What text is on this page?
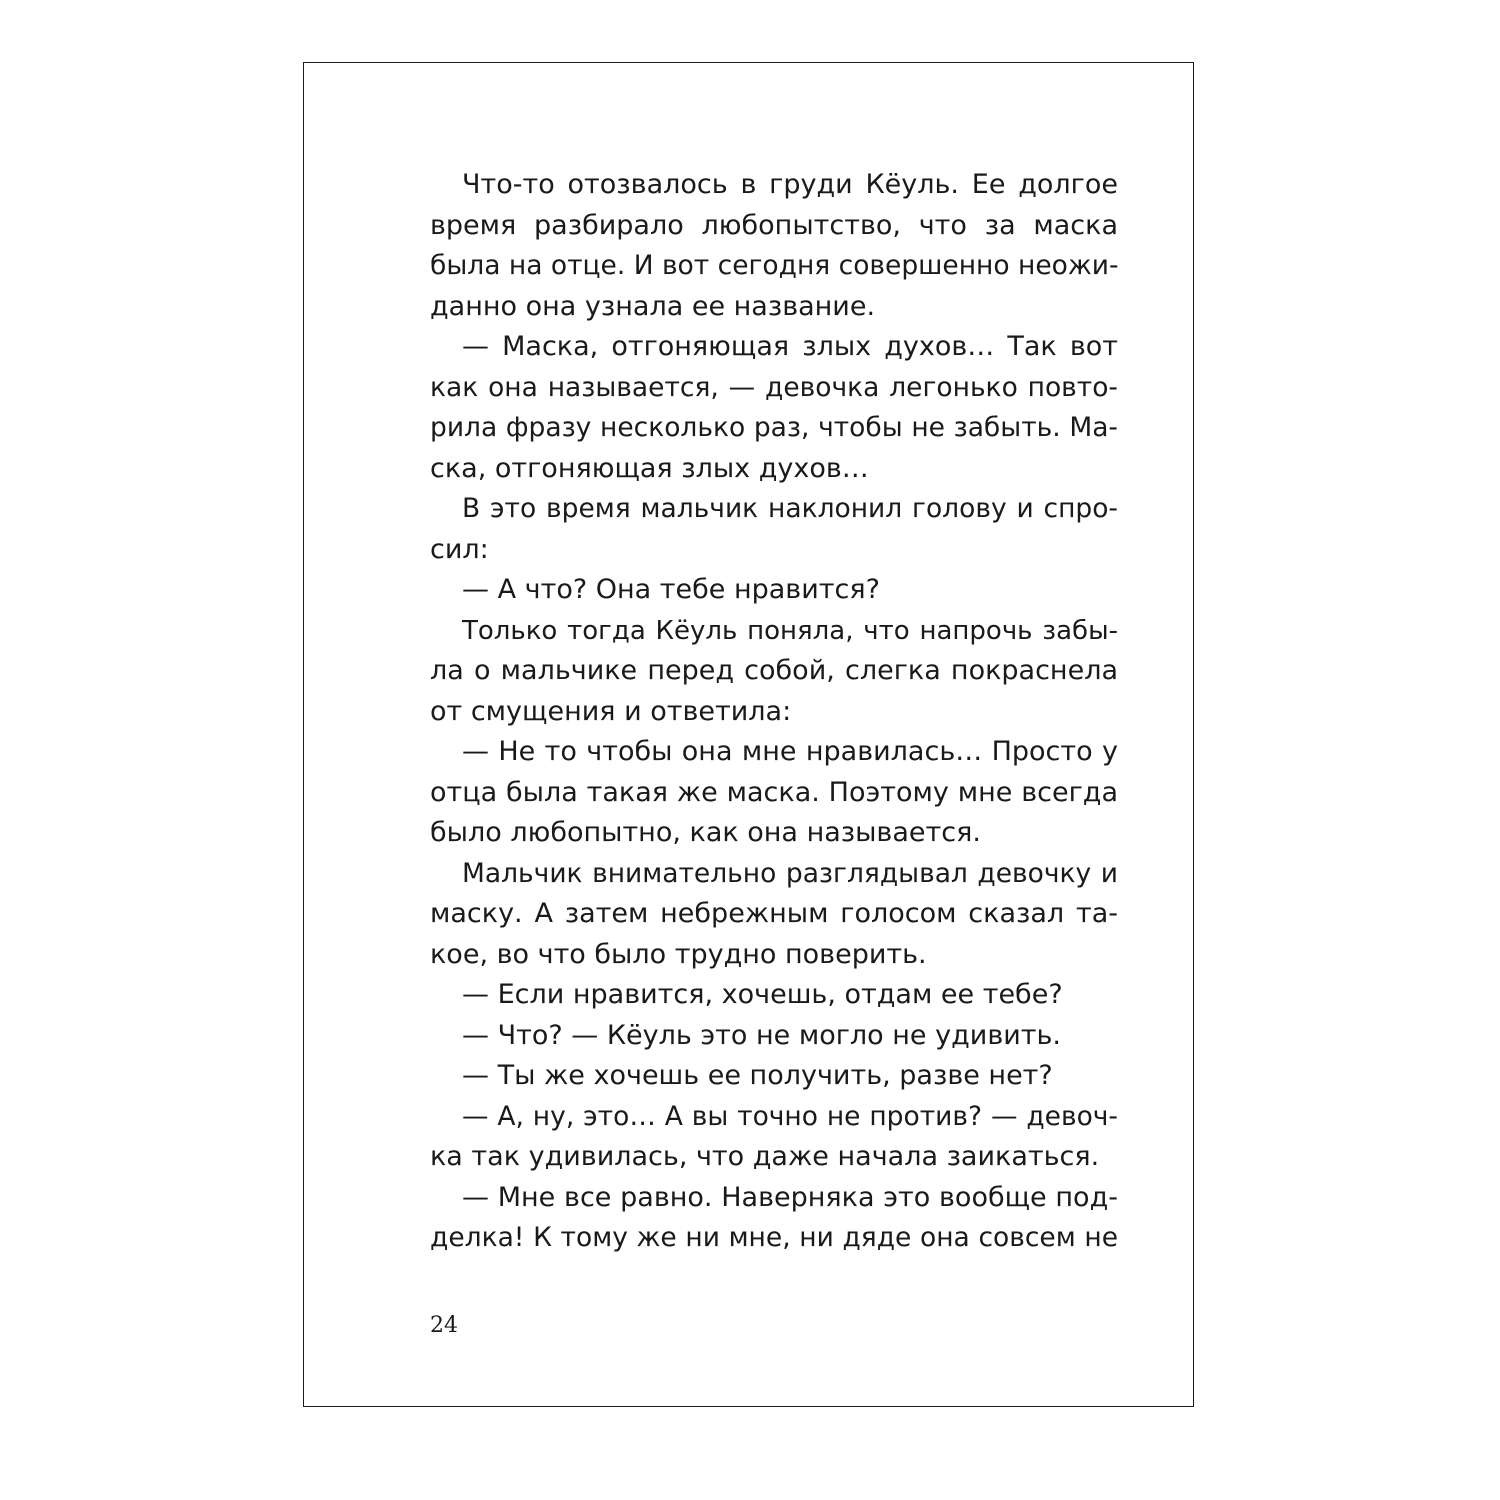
Что-то отозвалось в груди Кёуль. Ее долгое
время разбирало любопытство, что за маска
была на отце. И вот сегодня совершенно неожи-
данно она узнала ее название.
— Маска, отгоняющая злых духов… Так вот
как она называется, — девочка легонько повто-
рила фразу несколько раз, чтобы не забыть. Ма-
ска, отгоняющая злых духов…
В это время мальчик наклонил голову и спро-
сил:
— А что? Она тебе нравится?
Только тогда Кёуль поняла, что напрочь забы-
ла о мальчике перед собой, слегка покраснела
от смущения и ответила:
— Не то чтобы она мне нравилась… Просто у
отца была такая же маска. Поэтому мне всегда
было любопытно, как она называется.
Мальчик внимательно разглядывал девочку и
маску. А затем небрежным голосом сказал та-
кое, во что было трудно поверить.
— Если нравится, хочешь, отдам ее тебе?
— Что? — Кёуль это не могло не удивить.
— Ты же хочешь ее получить, разве нет?
— А, ну, это… А вы точно не против? — девоч-
ка так удивилась, что даже начала заикаться.
— Мне все равно. Наверняка это вообще под-
делка! К тому же ни мне, ни дяде она совсем не
24
